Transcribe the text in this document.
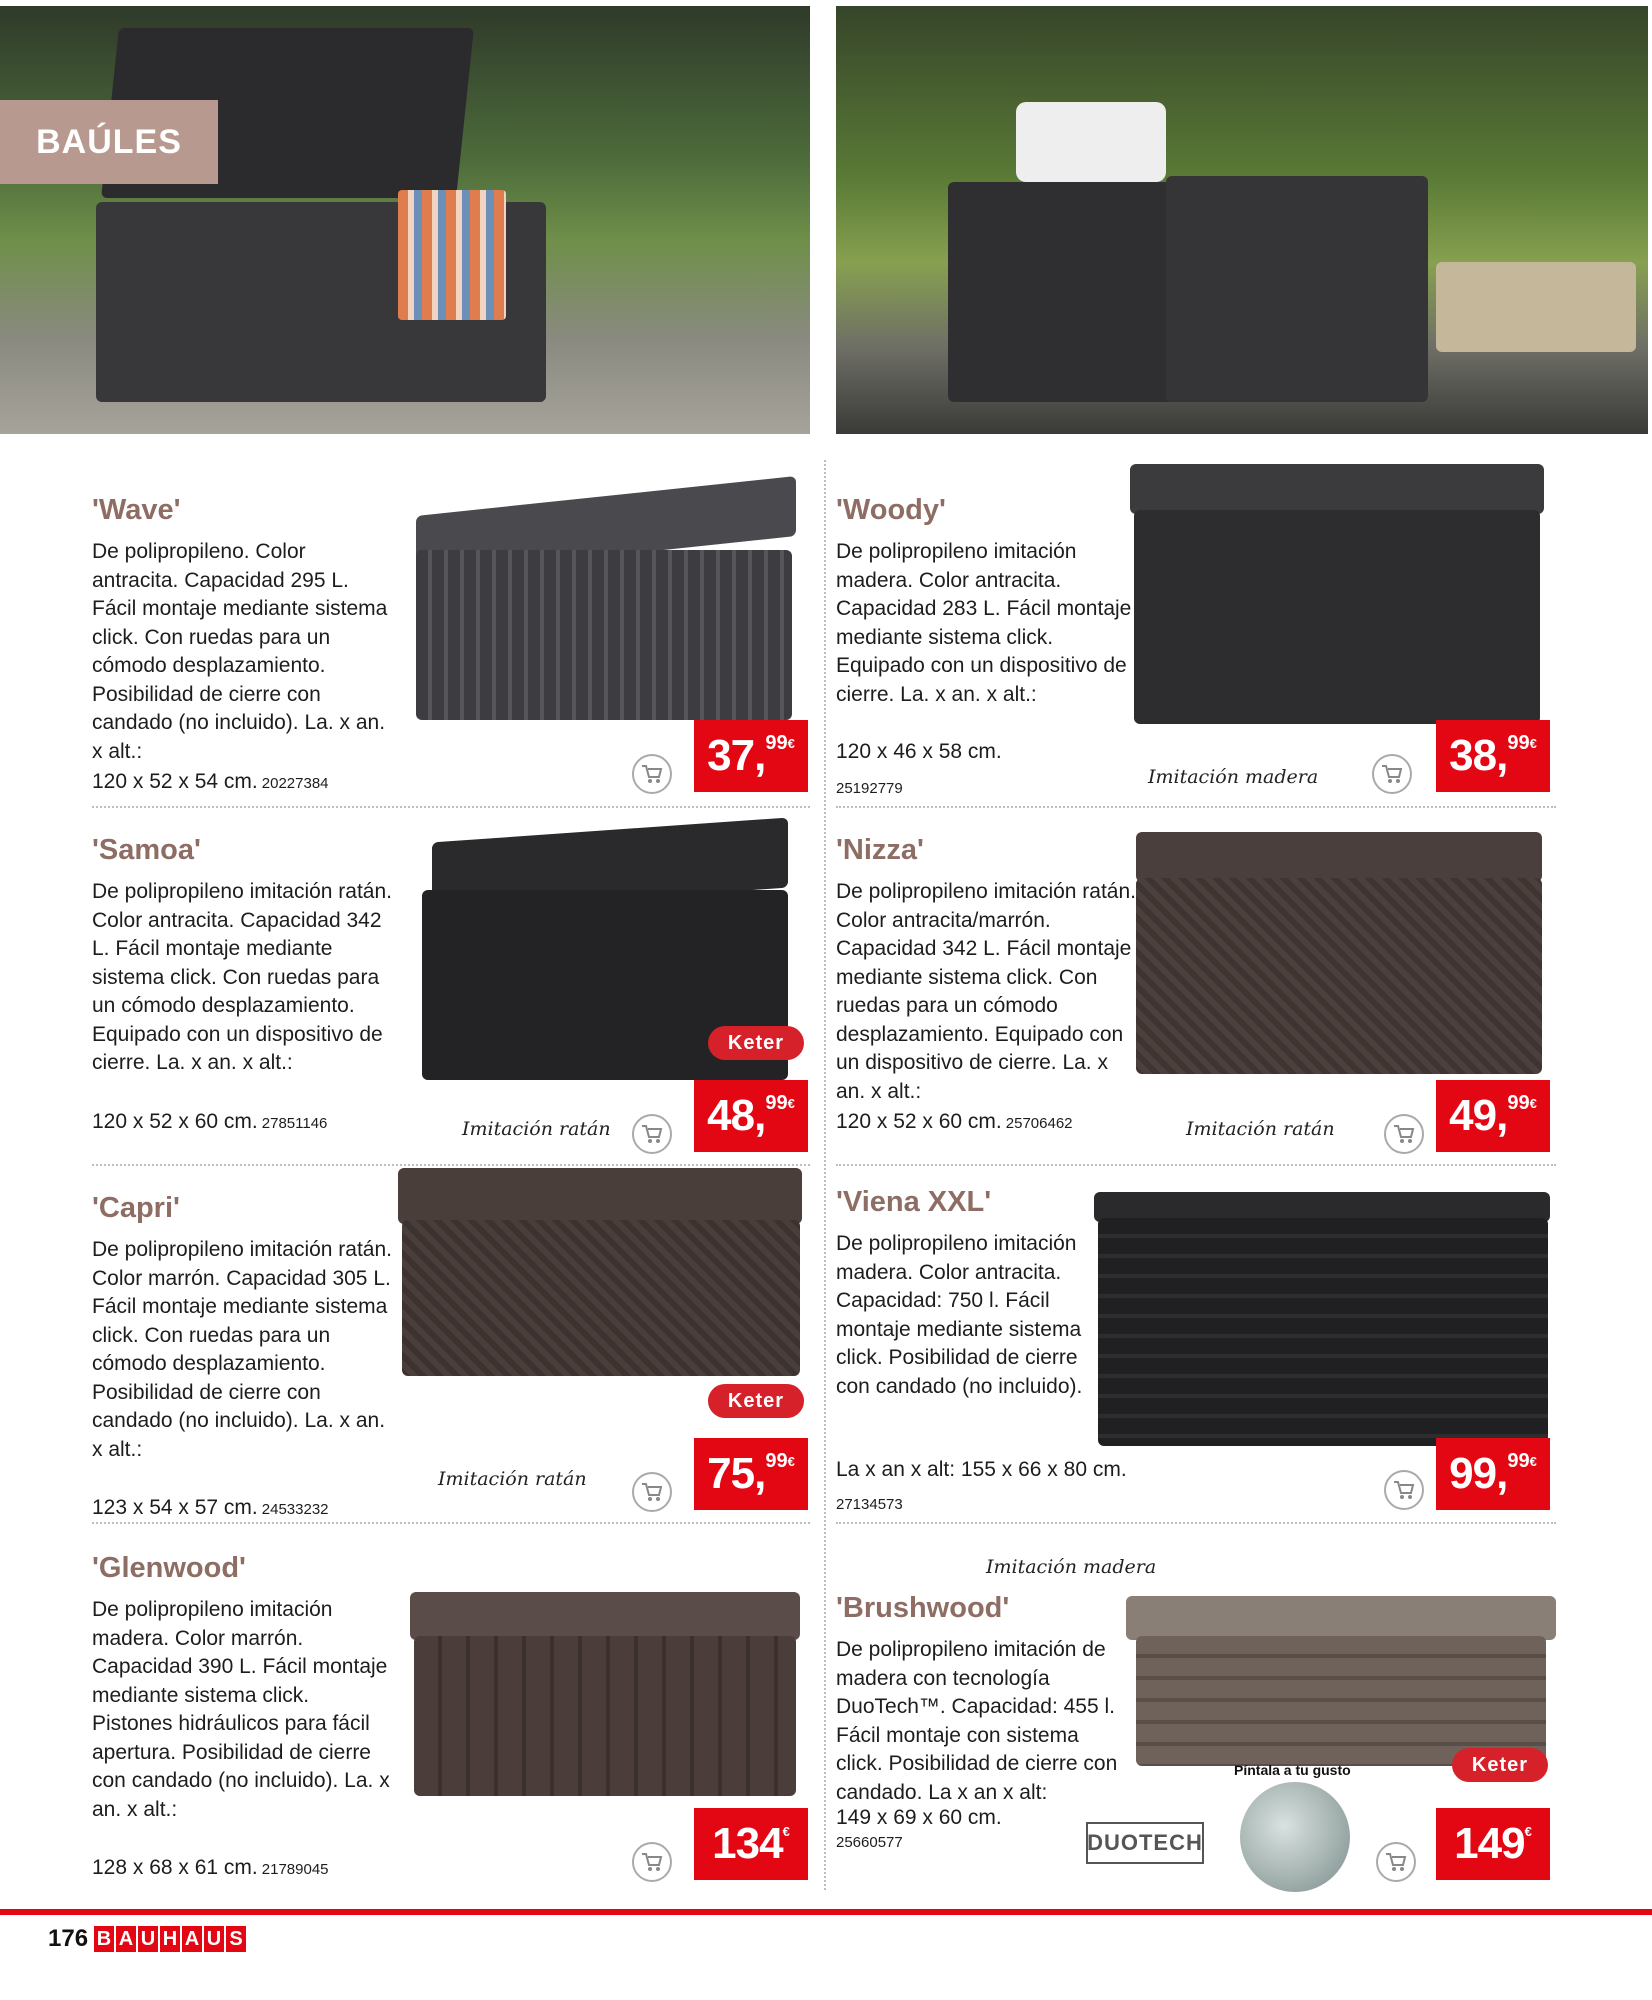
BAÚLES
'Wave'
De polipropileno. Color antracita. Capacidad 295 L. Fácil montaje mediante sistema click. Con ruedas para un cómodo desplazamiento. Posibilidad de cierre con candado (no incluido). La. x an. x alt.:
120 x 52 x 54 cm. 20227384
37, 99 €
'Woody'
De polipropileno imitación madera. Color antracita. Capacidad 283 L. Fácil montaje mediante sistema click. Equipado con un dispositivo de cierre. La. x an. x alt.:
120 x 46 x 58 cm.
25192779
Imitación madera	38, 99 €
'Samoa'
De polipropileno imitación ratán. Color antracita. Capacidad 342 L. Fácil montaje mediante sistema click. Con ruedas para un cómodo desplazamiento. Equipado con un dispositivo de cierre. La. x an. x alt.:
120 x 52 x 60 cm. 27851146
Keter
Imitación ratán 48, 99 €
'Nizza'
De polipropileno imitación ratán. Color antracita/marrón. Capacidad 342 L. Fácil montaje mediante sistema click. Con ruedas para un cómodo desplazamiento. Equipado con un dispositivo de cierre. La. x an. x alt.:
120 x 52 x 60 cm. 25706462	Imitación ratán	49, 99 €
'Capri'
De polipropileno imitación ratán. Color marrón. Capacidad 305 L. Fácil montaje mediante sistema click. Con ruedas para un cómodo desplazamiento. Posibilidad de cierre con candado (no incluido). La. x an. x alt.:
123 x 54 x 57 cm. 24533232
Keter
Imitación ratán	75, 99 €
'Viena XXL'
De polipropileno imitación madera. Color antracita. Capacidad: 750 l. Fácil montaje mediante sistema click. Posibilidad de cierre con candado (no incluido).
La x an x alt: 155 x 66 x 80 cm.
27134573
99, 99 €
'Glenwood'
De polipropileno imitación madera. Color marrón. Capacidad 390 L. Fácil montaje mediante sistema click. Pistones hidráulicos para fácil apertura. Posibilidad de cierre con candado (no incluido). La. x an. x alt.:
128 x 68 x 61 cm. 21789045
134 €
Imitación madera
'Brushwood'
De polipropileno imitación de madera con tecnología DuoTech™. Capacidad: 455 l. Fácil montaje con sistema click. Posibilidad de cierre con candado. La x an x alt:
149 x 69 x 60 cm.
25660577
Píntala a tu gusto	Keter
DUOTECH	149 €
176 B A U H A U S
